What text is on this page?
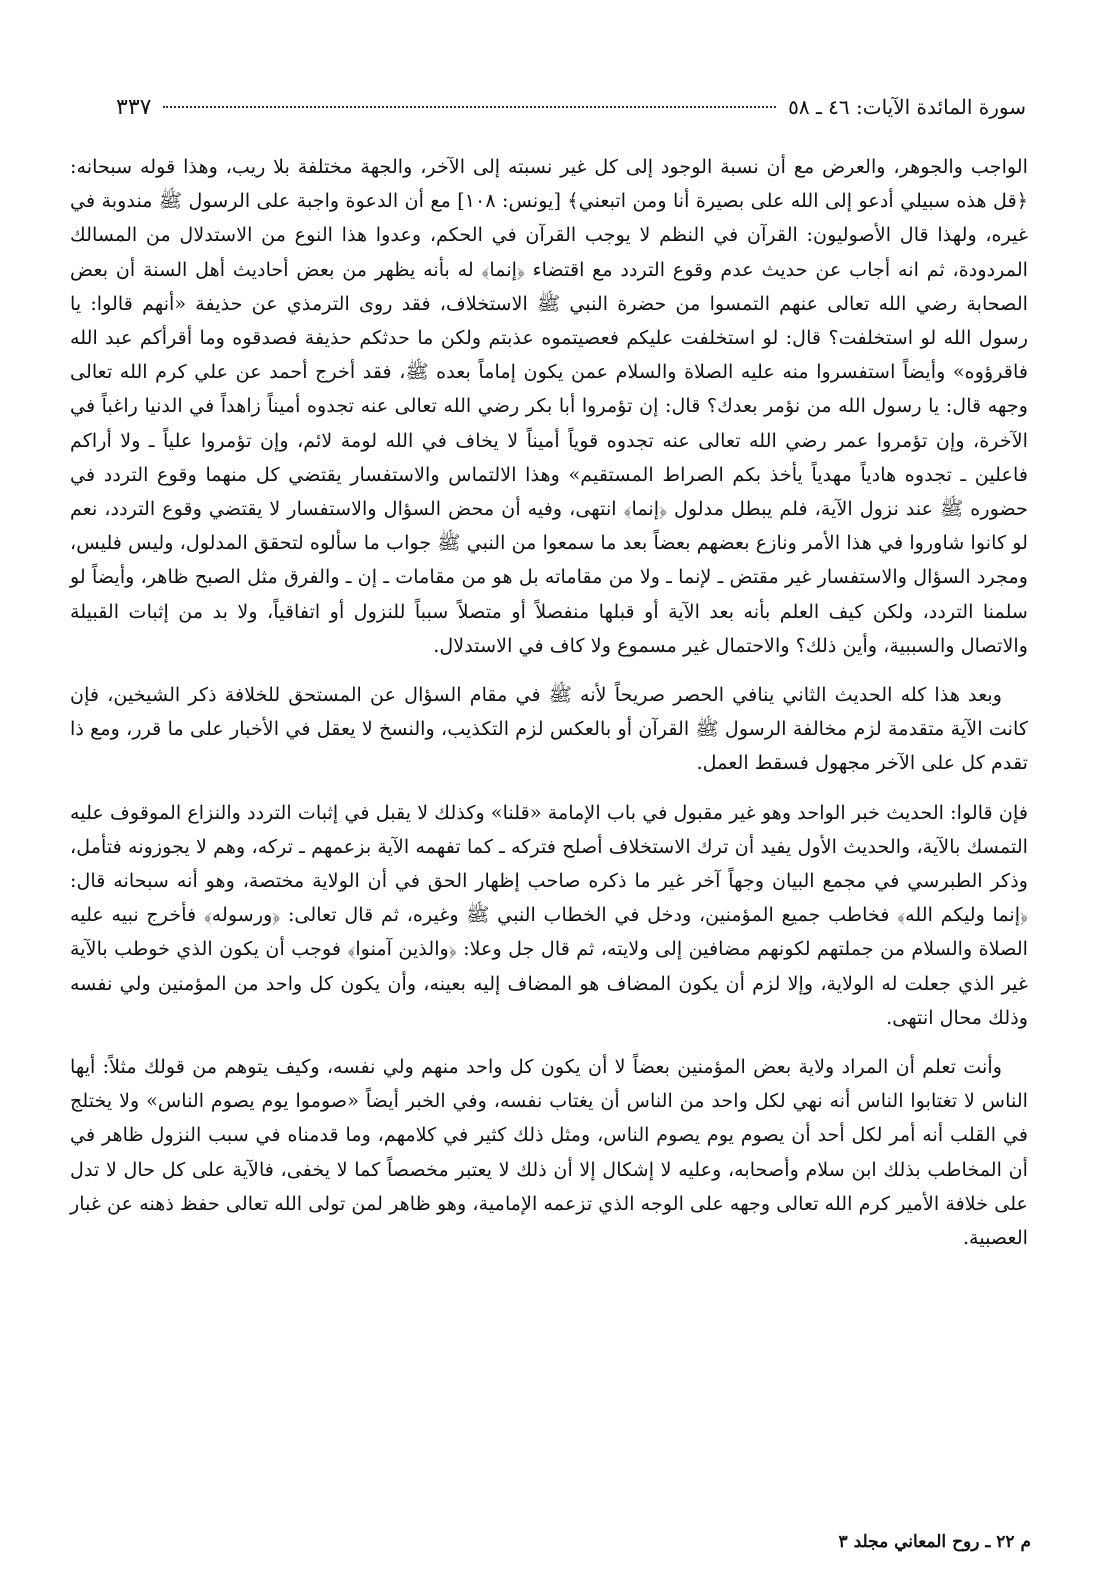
سورة المائدة الآيات: ٤٦ ـ ٥٨
٣٣٧

الواجب والجوهر، والعرض مع أن نسبة الوجود إلى كل غير نسبته إلى الآخر، والجهة مختلفة بلا ريب، وهذا قوله سبحانه: ﴿قل هذه سبيلي أدعو إلى الله على بصيرة أنا ومن اتبعني﴾ [يونس: ١٠٨] مع أن الدعوة واجبة على الرسول ﷺ مندوبة في غيره، ولهذا قال الأصوليون: القرآن في النظم لا يوجب القرآن في الحكم، وعدوا هذا النوع من الاستدلال من المسالك المردودة، ثم انه أجاب عن حديث عدم وقوع التردد مع اقتضاء ﴿إنما﴾ له بأنه يظهر من بعض أحاديث أهل السنة أن بعض الصحابة رضي الله تعالى عنهم التمسوا من حضرة النبي ﷺ الاستخلاف، فقد روى الترمذي عن حذيفة «أنهم قالوا: يا رسول الله لو استخلفت؟ قال: لو استخلفت عليكم فعصيتموه عذبتم ولكن ما حدثكم حذيفة فصدقوه وما أقرأكم عبد الله فاقرؤوه» وأيضاً استفسروا منه عليه الصلاة والسلام عمن يكون إماماً بعده ﷺ، فقد أخرج أحمد عن علي كرم الله تعالى وجهه قال: يا رسول الله من نؤمر بعدك؟ قال: إن تؤمروا أبا بكر رضي الله تعالى عنه تجدوه أميناً زاهداً في الدنيا راغباً في الآخرة، وإن تؤمروا عمر رضي الله تعالى عنه تجدوه قوياً أميناً لا يخاف في الله لومة لائم، وإن تؤمروا علياً ـ ولا أراكم فاعلين ـ تجدوه هادياً مهدياً يأخذ بكم الصراط المستقيم» وهذا الالتماس والاستفسار يقتضي كل منهما وقوع التردد في حضوره ﷺ عند نزول الآية، فلم يبطل مدلول ﴿إنما﴾ انتهى، وفيه أن محض السؤال والاستفسار لا يقتضي وقوع التردد، نعم لو كانوا شاوروا في هذا الأمر ونازع بعضهم بعضاً بعد ما سمعوا من النبي ﷺ جواب ما سألوه لتحقق المدلول، وليس فليس، ومجرد السؤال والاستفسار غير مقتض ـ لإنما ـ ولا من مقاماته بل هو من مقامات ـ إن ـ والفرق مثل الصبح ظاهر، وأيضاً لو سلمنا التردد، ولكن كيف العلم بأنه بعد الآية أو قبلها منفصلاً أو متصلاً سبباً للنزول أو اتفاقياً، ولا بد من إثبات القبيلة والاتصال والسببية، وأين ذلك؟ والاحتمال غير مسموع ولا كاف في الاستدلال.

وبعد هذا كله الحديث الثاني ينافي الحصر صريحاً لأنه ﷺ في مقام السؤال عن المستحق للخلافة ذكر الشيخين، فإن كانت الآية متقدمة لزم مخالفة الرسول ﷺ القرآن أو بالعكس لزم التكذيب، والنسخ لا يعقل في الأخبار على ما قرر، ومع ذا تقدم كل على الآخر مجهول فسقط العمل.

فإن قالوا: الحديث خبر الواحد وهو غير مقبول في باب الإمامة «قلنا» وكذلك لا يقبل في إثبات التردد والنزاع الموقوف عليه التمسك بالآية، والحديث الأول يفيد أن ترك الاستخلاف أصلح فتركه ـ كما تفهمه الآية بزعمهم ـ تركه، وهم لا يجوزونه فتأمل، وذكر الطبرسي في مجمع البيان وجهاً آخر غير ما ذكره صاحب إظهار الحق في أن الولاية مختصة، وهو أنه سبحانه قال: ﴿إنما وليكم الله﴾ فخاطب جميع المؤمنين، ودخل في الخطاب النبي ﷺ وغيره، ثم قال تعالى: ﴿ورسوله﴾ فأخرج نبيه عليه الصلاة والسلام من جملتهم لكونهم مضافين إلى ولايته، ثم قال جل وعلا: ﴿والذين آمنوا﴾ فوجب أن يكون الذي خوطب بالآية غير الذي جعلت له الولاية، وإلا لزم أن يكون المضاف هو المضاف إليه بعينه، وأن يكون كل واحد من المؤمنين ولي نفسه وذلك محال انتهى.

وأنت تعلم أن المراد ولاية بعض المؤمنين بعضاً لا أن يكون كل واحد منهم ولي نفسه، وكيف يتوهم من قولك مثلاً: أيها الناس لا تغتابوا الناس أنه نهي لكل واحد من الناس أن يغتاب نفسه، وفي الخبر أيضاً «صوموا يوم يصوم الناس» ولا يختلج في القلب أنه أمر لكل أحد أن يصوم يوم يصوم الناس، ومثل ذلك كثير في كلامهم، وما قدمناه في سبب النزول ظاهر في أن المخاطب بذلك ابن سلام وأصحابه، وعليه لا إشكال إلا أن ذلك لا يعتبر مخصصاً كما لا يخفى، فالآية على كل حال لا تدل على خلافة الأمير كرم الله تعالى وجهه على الوجه الذي تزعمه الإمامية، وهو ظاهر لمن تولى الله تعالى حفظ ذهنه عن غبار العصبية.

م ٢٢ ـ روح المعاني مجلد ٣
